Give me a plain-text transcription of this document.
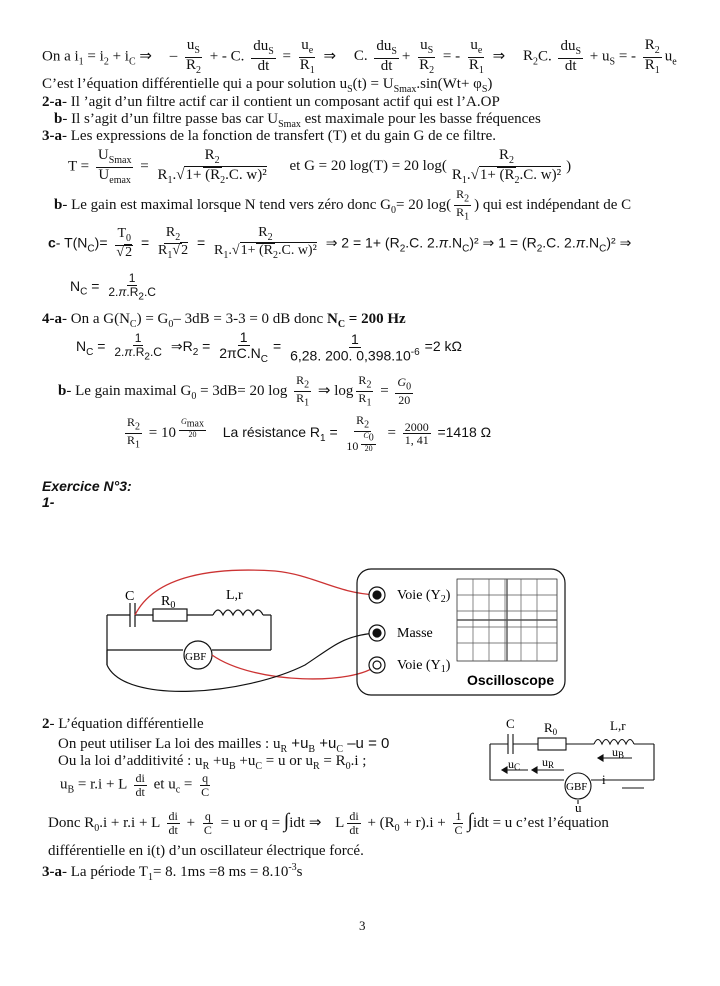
On a $i_1 = i_2 + i_C$ ⇒ – $\frac{u_S}{R_2}$ + - C. $\frac{du_S}{dt} = \frac{u_e}{R_1}$ ⇒ C. $\frac{du_S}{dt} + \frac{u_S}{R_2}$ = - $\frac{u_e}{R_1}$ ⇒ $R_2C$. $\frac{du_S}{dt} + u_S$ = - $\frac{R_2}{R_1} u_e$
C’est l’équation différentielle qui a pour solution $u_S(t) = U_{Smax}.\sin(Wt+ \varphi_S)$
2-a- Il ’agit d’un filtre actif car il contient un composant actif qui est l’A.OP
b- Il s’agit d’un filtre passe bas car $U_{Smax}$ est maximale pour les basse fréquences
3-a- Les expressions de la fonction de transfert (T) et du gain G de ce filtre.
$T = \frac{U_{Smax}}{U_{emax}} = \frac{R_2}{R_1.√1+ (R_2.C. w)^2}$ et G = 20 log(T) = 20 $\log( \frac{R_2}{R_1.√1+ (R_2.C. w)^2}$ )
b- Le gain est maximal lorsque N tend vers zéro donc $G_0= 20$ $\log( \frac{R_2}{R_1}$ ) qui est indépendant de C
c- $T(N_C)= \frac{T_0}{√2} = \frac{R_2}{R_1√2} = \frac{R_2}{R_1.√1+ (R_2.C. w)^2}$ ⇒ $2 = 1+ (R_2.C$. $2.\pi.N_C)^2$ ⇒ $1 = (R_2.C$. $2.\pi.N_C)^2$ ⇒
$N_C = \frac{1}{2.\pi.R_2.C}$
4-a- On a $G(N_C) = G_0-$ 3dB = 3-3 = 0 dB donc $N_C = 200$ Hz
$N_C = \frac{1}{2.\pi.R_2.C}$ $\Rightarrow R_2 = \frac{1}{2\pi C.N_C} = \frac{1}{6,28. 200. 0,398.10^{-6}} =2$ kΩ
b- Le gain maximal $G_0 = 3dB= 20$ $\log \frac{R_2}{R_1}$ ⇒ $\log \frac{R_2}{R_1} = \frac{G_0}{20}$
$\frac{R_2}{R_1} = 10$ $^{\frac{G_{max}}{20}}$ La résistance $R_1 = R_2$
10 $^{\frac{C_0}{20}} = \frac{2000}{1, 41} =1418$ Ω
Exercice N°3:
1-
C $R_0$
L,r
GBF
Voie $(Y_2)$
Masse
Voie $(Y_1)$
Oscilloscope
2- L’équation différentielle
On peut utiliser La loi des mailles : $u_R +u_B +u_C$ –u = 0
Ou la loi d’additivité : $u_R +u_B +u_C = u$ or $u_R = R_0.i$ ;
$u_B = r.i + L \frac{di}{dt}$ et $u_c = \frac{q}{C}$
Donc $R_0.i + r.i + L \frac{di}{dt} + \frac{q}{C} = u$ or q = ∫idt ⇒ L $\frac{di}{dt} + (R_0 + r).i + \frac{1}{C} \int idt = u$ c’est l’équation
différentielle en i(t) d’un oscillateur électrique forcé.
C $R_0$	L,r
uB
uC uR
GBF i
u
3-a- La période $T_1= 8$. 1ms =8 ms = $8.10^{-3}s$
3
